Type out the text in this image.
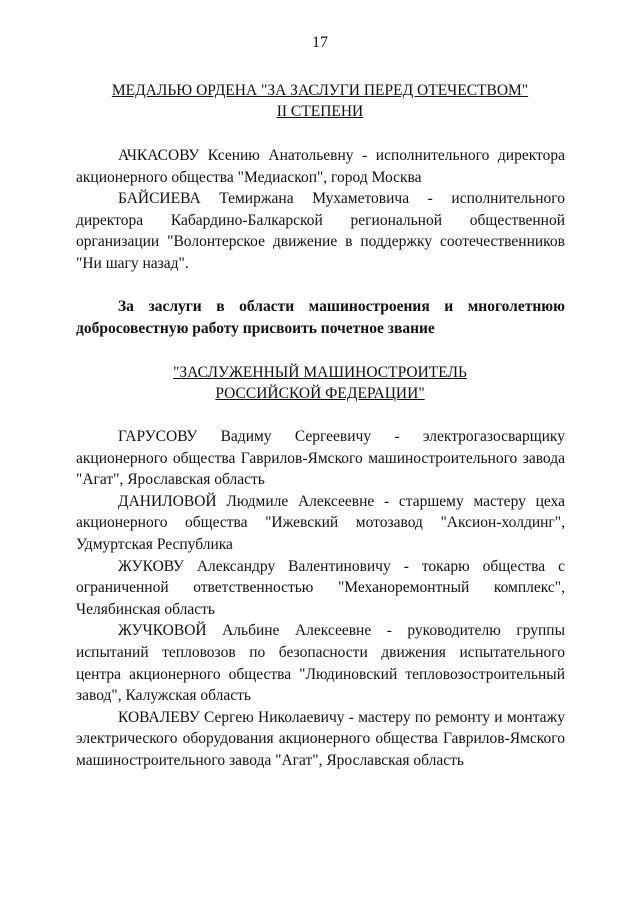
17
МЕДАЛЬЮ ОРДЕНА "ЗА ЗАСЛУГИ ПЕРЕД ОТЕЧЕСТВОМ"
II СТЕПЕНИ

АЧКАСОВУ Ксению Анатольевну - исполнительного директора акционерного общества "Медиаскоп", город Москва

БАЙСИЕВА Темиржана Мухаметовича - исполнительного директора Кабардино-Балкарской региональной общественной организации "Волонтерское движение в поддержку соотечественников "Ни шагу назад".

За заслуги в области машиностроения и многолетнюю добросовестную работу присвоить почетное звание

"ЗАСЛУЖЕННЫЙ МАШИНОСТРОИТЕЛЬ
РОССИЙСКОЙ ФЕДЕРАЦИИ"

ГАРУСОВУ Вадиму Сергеевичу - электрогазосварщику акционерного общества Гаврилов-Ямского машиностроительного завода "Агат", Ярославская область

ДАНИЛОВОЙ Людмиле Алексеевне - старшему мастеру цеха акционерного общества "Ижевский мотозавод "Аксион-холдинг", Удмуртская Республика

ЖУКОВУ Александру Валентиновичу - токарю общества с ограниченной ответственностью "Механоремонтный комплекс", Челябинская область

ЖУЧКОВОЙ Альбине Алексеевне - руководителю группы испытаний тепловозов по безопасности движения испытательного центра акционерного общества "Людиновский тепловозостроительный завод", Калужская область

КОВАЛЕВУ Сергею Николаевичу - мастеру по ремонту и монтажу электрического оборудования акционерного общества Гаврилов-Ямского машиностроительного завода "Агат", Ярославская область
